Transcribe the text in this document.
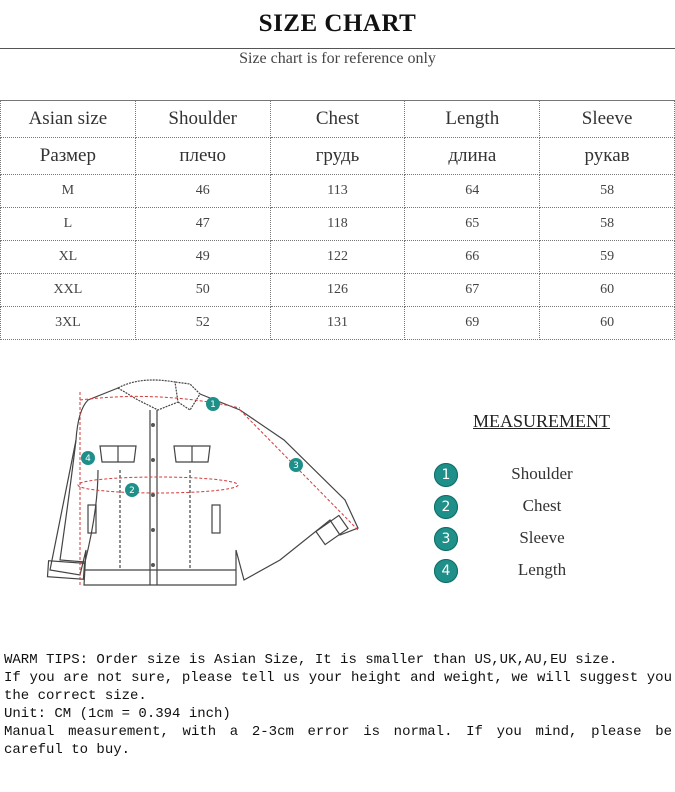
SIZE CHART
Size chart is for reference only
Asian size	Shoulder	Chest	Length	Sleeve
Размер	плечо	грудь	длина	рукав
M	46	113	64	58
L	47	118	65	58
XL	49	122	66	59
XXL	50	126	67	60
3XL	52	131	69	60
1
2
3
4
MEASUREMENT
1	Shoulder
2	Chest
3	Sleeve
4	Length
WARM TIPS: Order size is Asian Size, It is smaller than US,UK,AU,EU size.
If you are not sure, please tell us your height and weight, we will suggest you the correct size.
Unit: CM (1cm = 0.394 inch)
Manual measurement, with a 2-3cm error is normal. If you mind, please be careful to buy.
